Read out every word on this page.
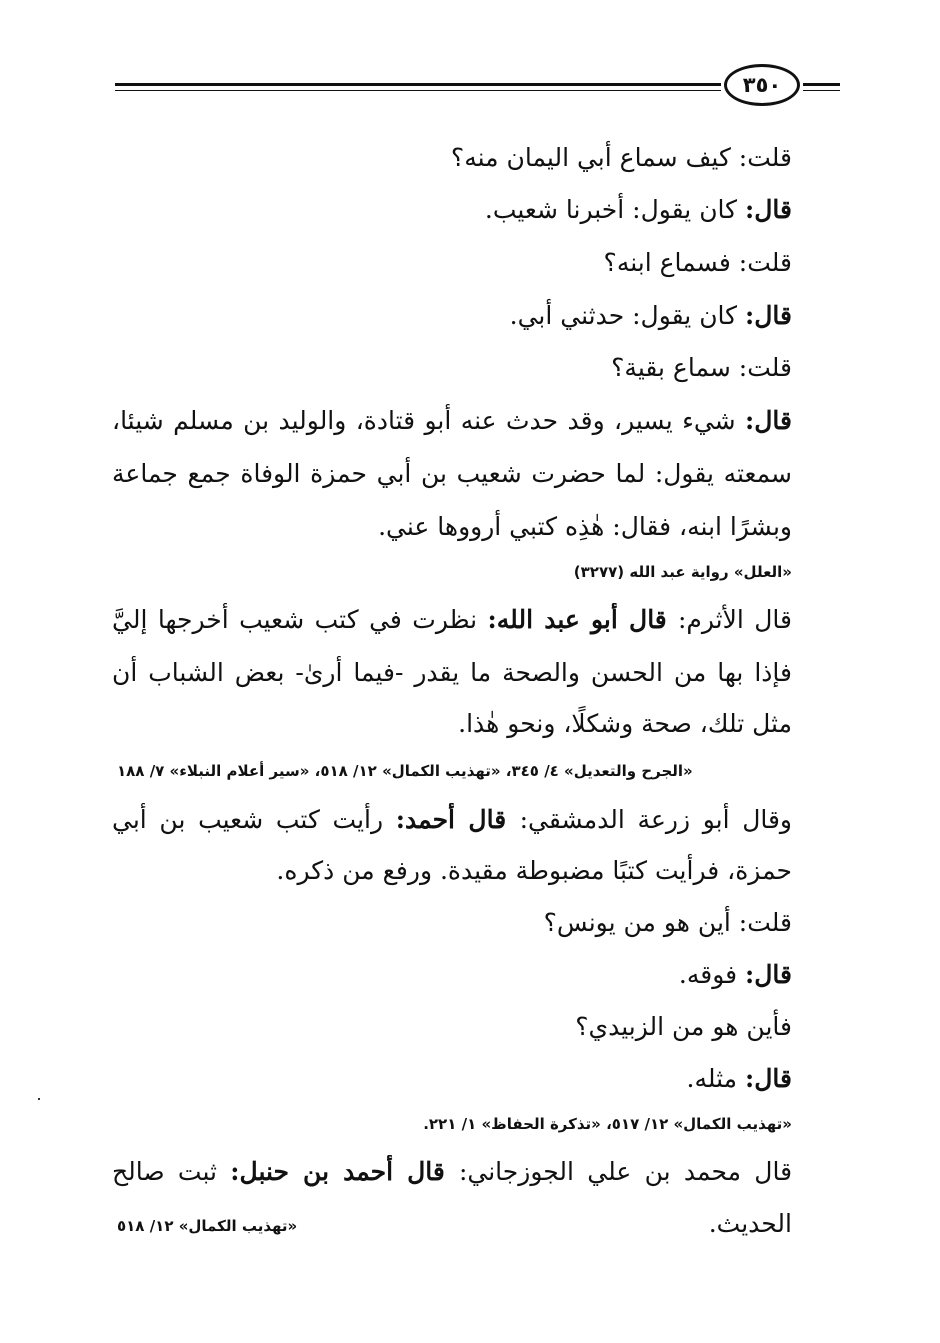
٣٥٠
قلت: كيف سماع أبي اليمان منه؟
قال: كان يقول: أخبرنا شعيب.
قلت: فسماع ابنه؟
قال: كان يقول: حدثني أبي.
قلت: سماع بقية؟
قال: شيء يسير، وقد حدث عنه أبو قتادة، والوليد بن مسلم شيئا،
سمعته يقول: لما حضرت شعيب بن أبي حمزة الوفاة جمع جماعة
وبشرًا ابنه، فقال: هٰذِه كتبي أرووها عني.
«العلل» رواية عبد الله (٣٢٧٧)
قال الأثرم: قال أبو عبد الله: نظرت في كتب شعيب أخرجها إليَّ
فإذا بها من الحسن والصحة ما يقدر -فيما أرىٰ- بعض الشباب أن
مثل تلك، صحة وشكلًا، ونحو هٰذا.
«الجرح والتعديل» ٤/ ٣٤٥، «تهذيب الكمال» ١٢/ ٥١٨، «سير أعلام النبلاء» ٧/ ١٨٨
وقال أبو زرعة الدمشقي: قال أحمد: رأيت كتب شعيب بن أبي
حمزة، فرأيت كتبًا مضبوطة مقيدة. ورفع من ذكره.
قلت: أين هو من يونس؟
قال: فوقه.
فأين هو من الزبيدي؟
قال: مثله.
«تهذيب الكمال» ١٢/ ٥١٧، «تذكرة الحفاظ» ١/ ٢٢١.
قال محمد بن علي الجوزجاني: قال أحمد بن حنبل: ثبت صالح
الحديث.
«تهذيب الكمال» ١٢/ ٥١٨
